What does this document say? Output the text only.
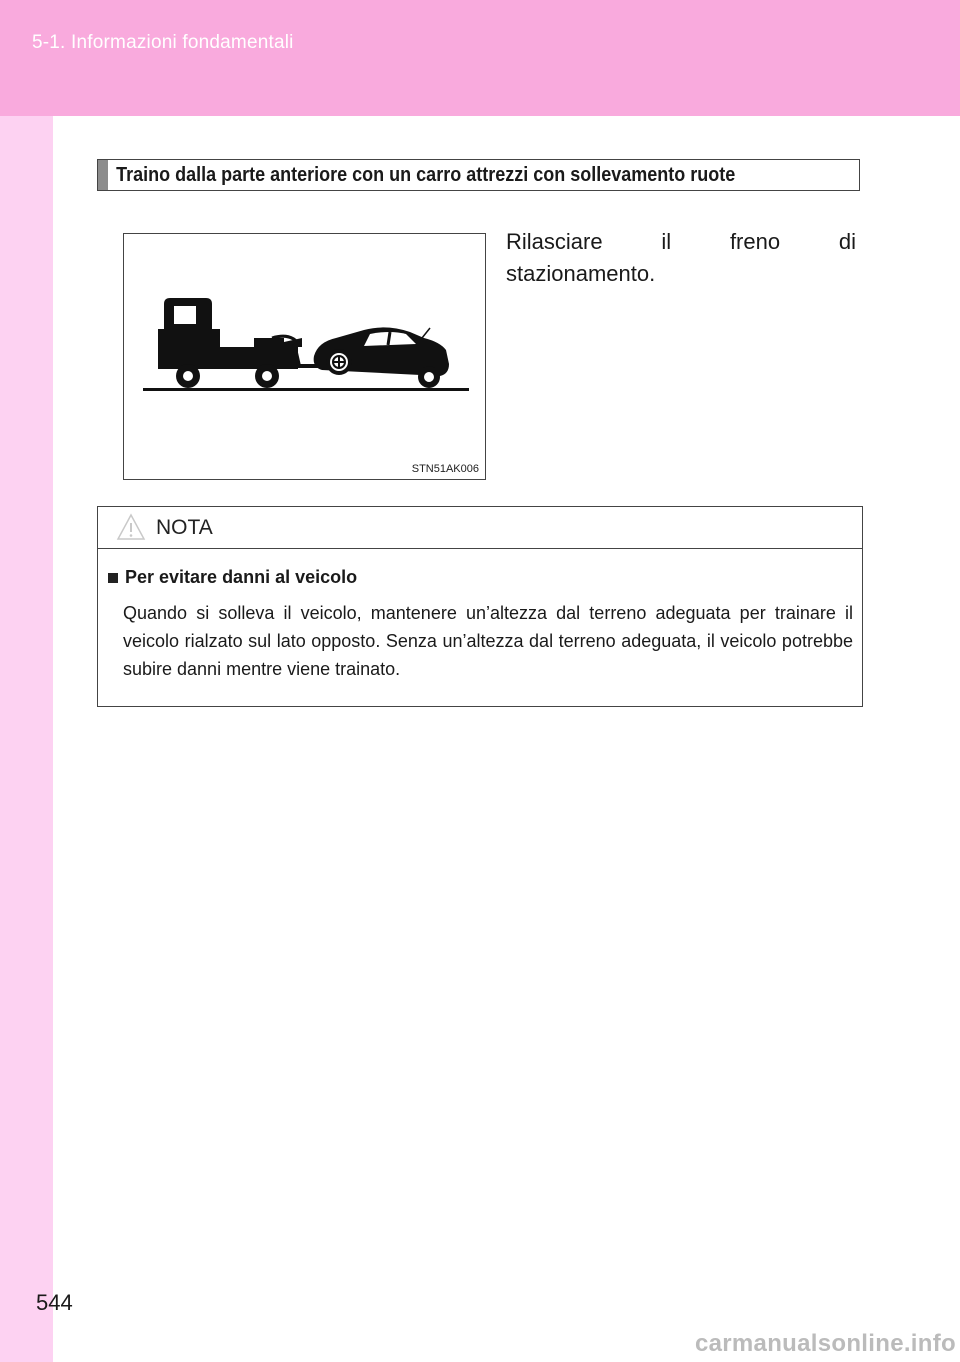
5-1. Informazioni fondamentali
544
Traino dalla parte anteriore con un carro attrezzi con sollevamento ruote
STN51AK006
Rilasciare	il	freno	di
stazionamento.
NOTA
Per evitare danni al veicolo
Quando si solleva il veicolo, mantenere un’altezza dal terreno adeguata per trainare il veicolo rialzato sul lato opposto. Senza un’altezza dal terreno adeguata, il veicolo potrebbe subire danni mentre viene trainato.
carmanualsonline.info
